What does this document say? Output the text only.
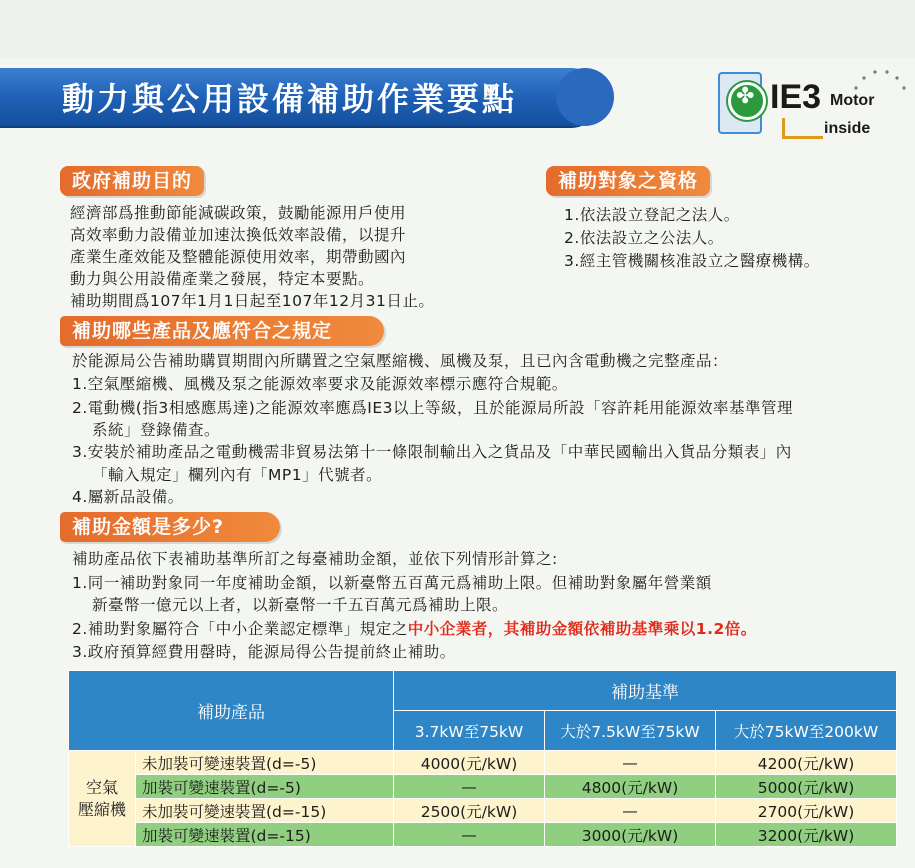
動力與公用設備補助作業要點	✤ IE3 Motor
inside
政府補助目的
經濟部爲推動節能減碳政策，鼓勵能源用戶使用
高效率動力設備並加速汰換低效率設備，以提升
產業生產效能及整體能源使用效率，期帶動國內
動力與公用設備產業之發展，特定本要點。
補助期間爲107年1月1日起至107年12月31日止。
補助對象之資格
1.依法設立登記之法人。
2.依法設立之公法人。
3.經主管機關核准設立之醫療機構。
補助哪些產品及應符合之規定
於能源局公告補助購買期間內所購置之空氣壓縮機、風機及泵，且已內含電動機之完整產品：
1.空氣壓縮機、風機及泵之能源效率要求及能源效率標示應符合規範。
2.電動機(指3相感應馬達)之能源效率應爲IE3以上等級，且於能源局所設「容許耗用能源效率基準管理
系統」登錄備查。
3.安裝於補助產品之電動機需非貿易法第十一條限制輸出入之貨品及「中華民國輸出入貨品分類表」內
「輸入規定」欄列內有「MP1」代號者。
4.屬新品設備。
補助金額是多少?
補助產品依下表補助基準所訂之每臺補助金額，並依下列情形計算之:
1.同一補助對象同一年度補助金額，以新臺幣五百萬元爲補助上限。但補助對象屬年營業額
新臺幣一億元以上者，以新臺幣一千五百萬元爲補助上限。
2.補助對象屬符合「中小企業認定標準」規定之中小企業者，其補助金額依補助基準乘以1.2倍。
3.政府預算經費用罄時，能源局得公告提前終止補助。
補助產品		補助基準		
		3.7kW至75kW	大於7.5kW至75kW	大於75kW至200kW
空氣
壓縮機	未加裝可變速裝置(d=-5)	4000(元/kW)	—	4200(元/kW)
	加裝可變速裝置(d=-5)	—	4800(元/kW)	5000(元/kW)
	未加裝可變速裝置(d=-15)	2500(元/kW)	—	2700(元/kW)
	加裝可變速裝置(d=-15)	—	3000(元/kW)	3200(元/kW)
